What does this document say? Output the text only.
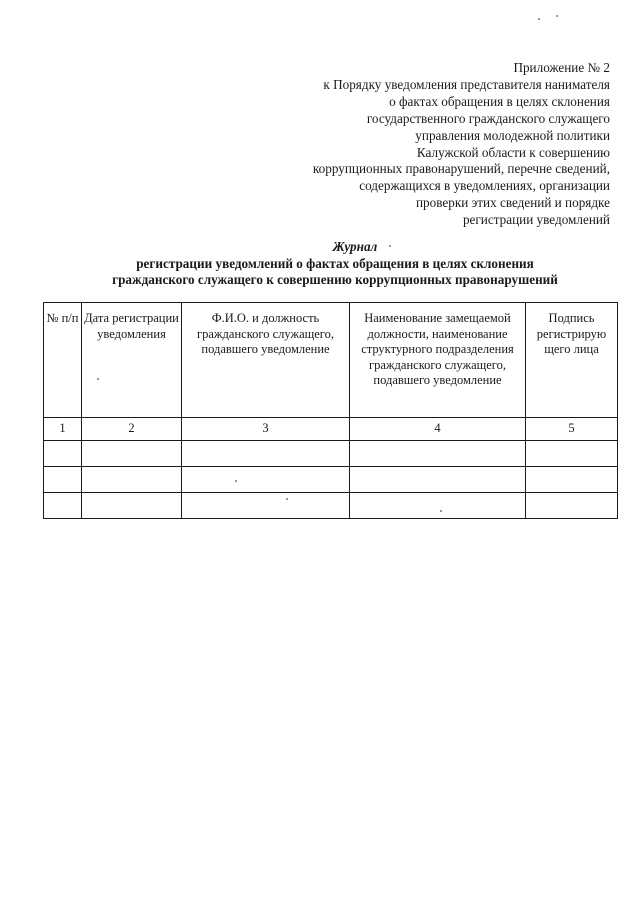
Приложение № 2
к Порядку уведомления представителя нанимателя
о фактах обращения в целях склонения
государственного гражданского служащего
управления молодежной политики
Калужской области к совершению
коррупционных правонарушений, перечне сведений,
содержащихся в уведомлениях, организации
проверки этих сведений и порядке
регистрации уведомлений
Журнал
регистрации уведомлений о фактах обращения в целях склонения
гражданского служащего к совершению коррупционных правонарушений
№ п/п	Дата регистрации уведомления	Ф.И.О. и должность гражданского служащего, подавшего уведомление	Наименование замещаемой должности, наименование структурного подразделения гражданского служащего, подавшего уведомление	Подпись регистрирую щего лица
1	2	3	4	5
